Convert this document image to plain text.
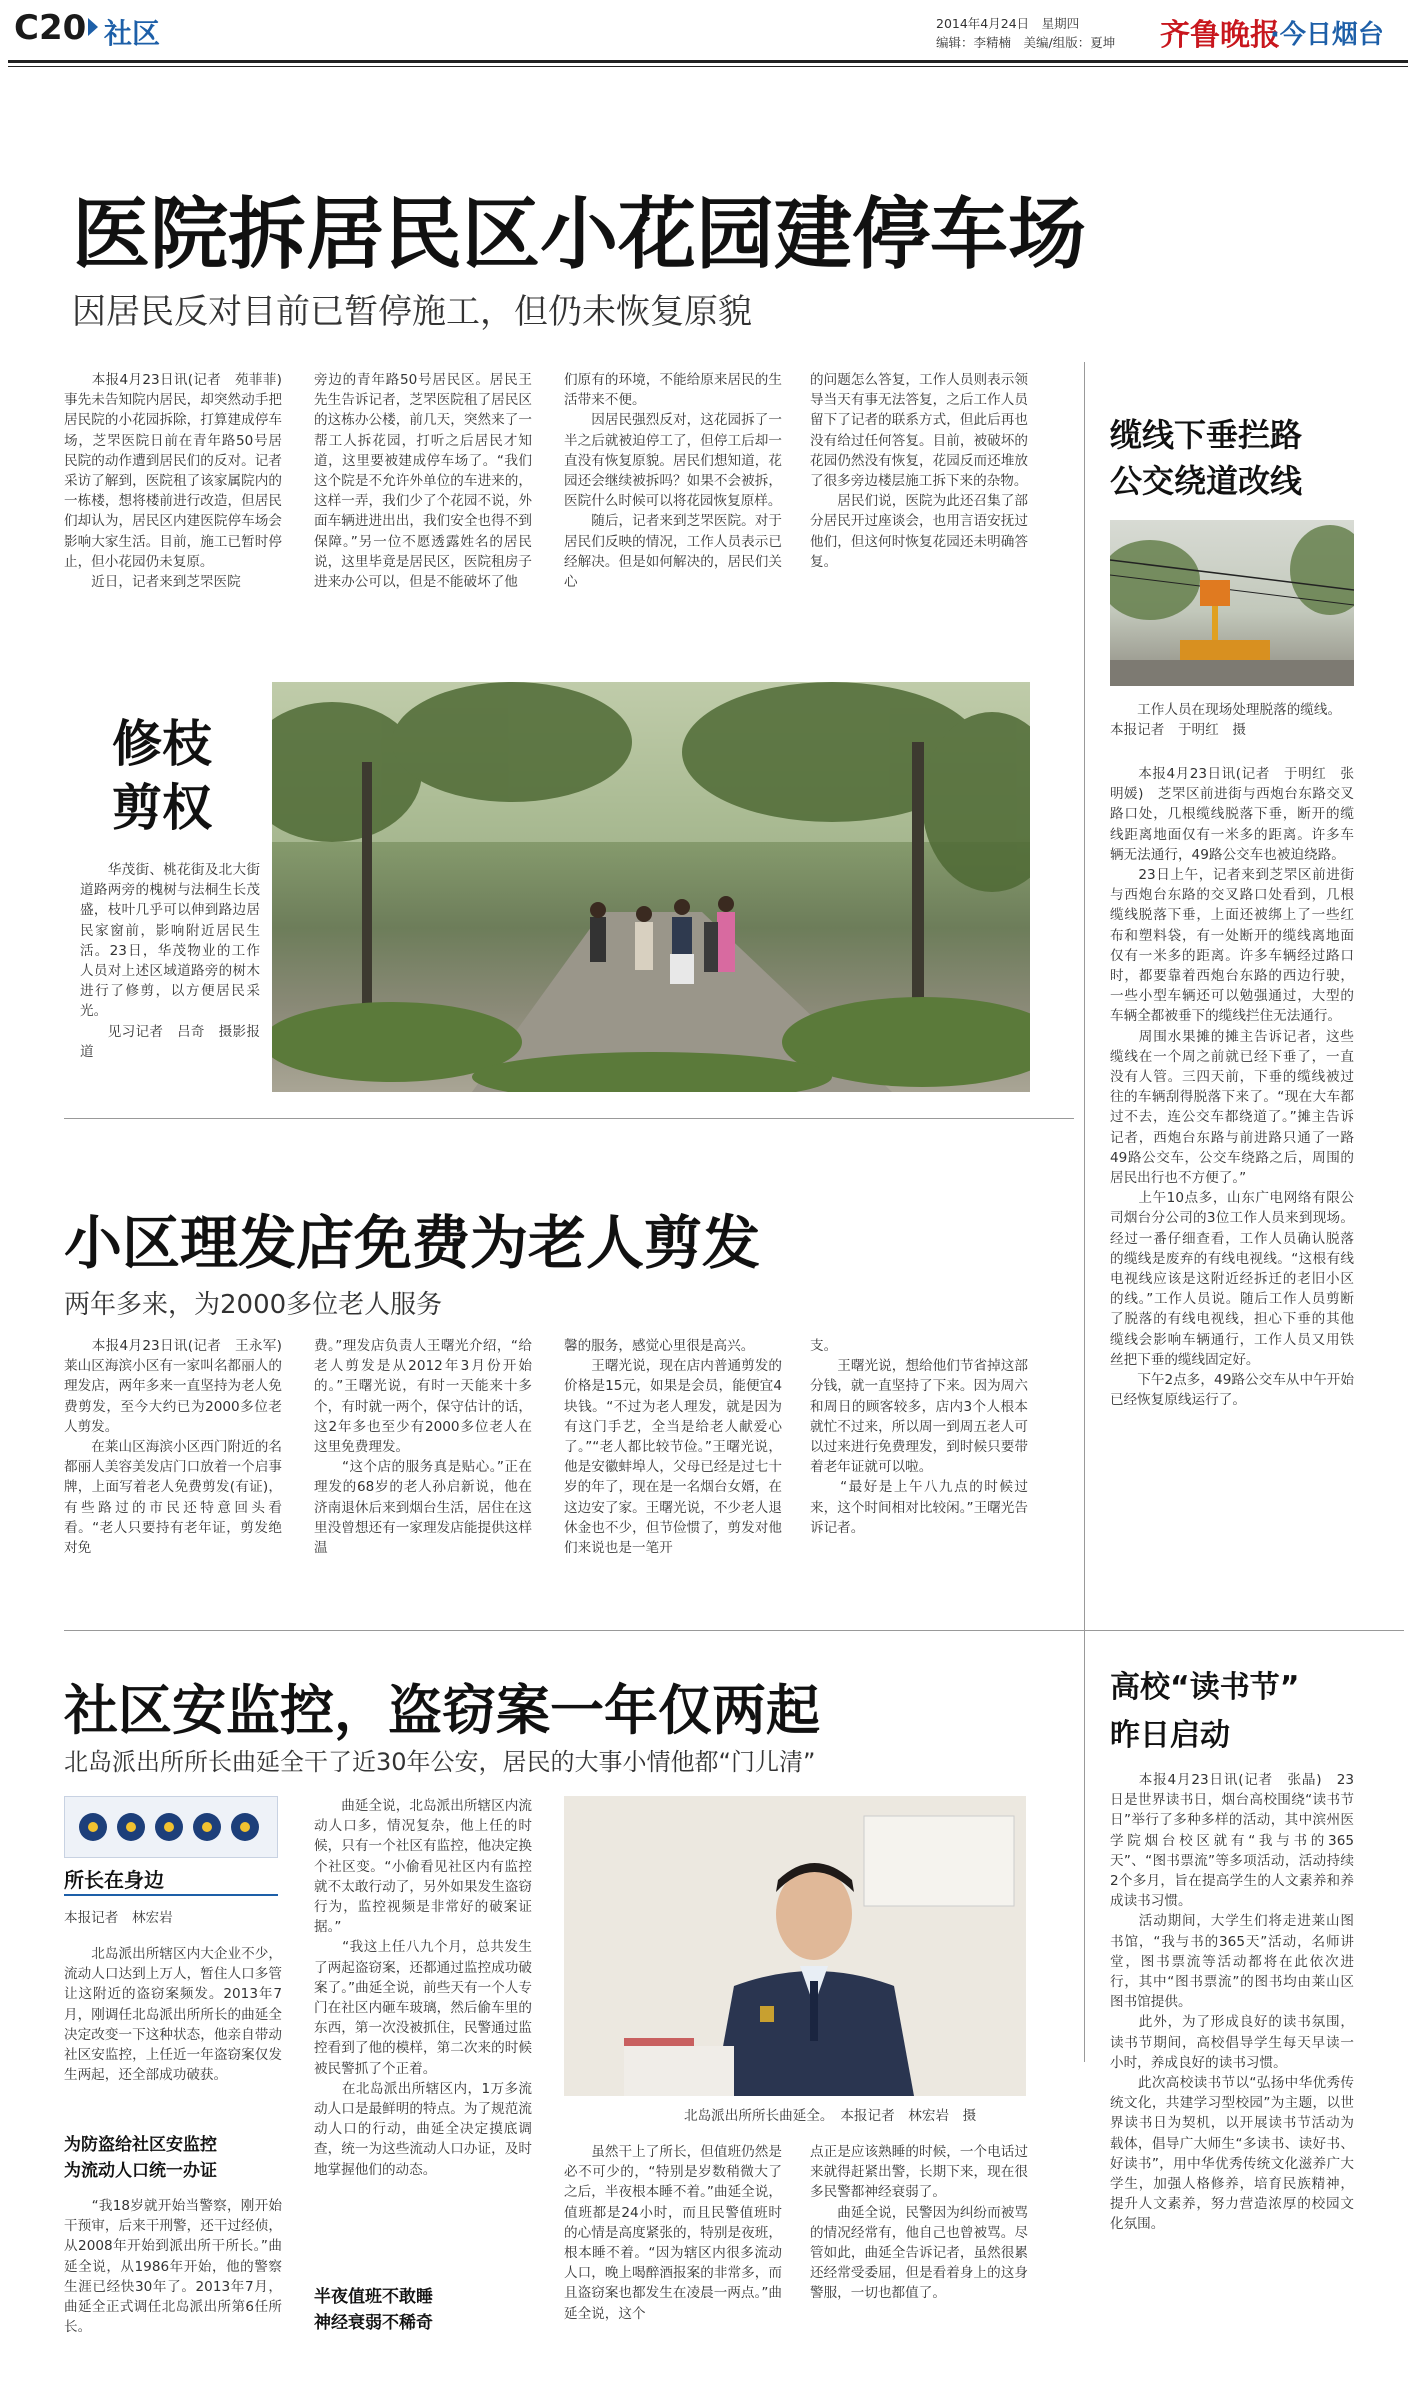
C20 社区	2014年4月24日　星期四
编辑：李精楠　美编/组版：夏坤 齐鲁晚报
·今日烟台
医院拆居民区小花园建停车场
因居民反对目前已暂停施工，但仍未恢复原貌
　　本报4月23日讯(记者　苑菲菲)　事先未告知院内居民，却突然动手把居民院的小花园拆除，打算建成停车场，芝罘医院日前在青年路50号居民院的动作遭到居民们的反对。记者采访了解到，医院租了该家属院内的一栋楼，想将楼前进行改造，但居民们却认为，居民区内建医院停车场会影响大家生活。目前，施工已暂时停止，但小花园仍未复原。
　　近日，记者来到芝罘医院
旁边的青年路50号居民区。居民王先生告诉记者，芝罘医院租了居民区的这栋办公楼，前几天，突然来了一帮工人拆花园，打听之后居民才知道，这里要被建成停车场了。“我们这个院是不允许外单位的车进来的，这样一弄，我们少了个花园不说，外面车辆进进出出，我们安全也得不到保障。”另一位不愿透露姓名的居民说，这里毕竟是居民区，医院租房子进来办公可以，但是不能破坏了他
们原有的环境，不能给原来居民的生活带来不便。
　　因居民强烈反对，这花园拆了一半之后就被迫停工了，但停工后却一直没有恢复原貌。居民们想知道，花园还会继续被拆吗？如果不会被拆，医院什么时候可以将花园恢复原样。
　　随后，记者来到芝罘医院。对于居民们反映的情况，工作人员表示已经解决。但是如何解决的，居民们关心
的问题怎么答复，工作人员则表示领导当天有事无法答复，之后工作人员留下了记者的联系方式，但此后再也没有给过任何答复。目前，被破坏的花园仍然没有恢复，花园反而还堆放了很多旁边楼层施工拆下来的杂物。
　　居民们说，医院为此还召集了部分居民开过座谈会，也用言语安抚过他们，但这何时恢复花园还未明确答复。
修枝
剪权
　　华茂街、桃花街及北大街道路两旁的槐树与法桐生长茂盛，枝叶几乎可以伸到路边居民家窗前，影响附近居民生活。23日，华茂物业的工作人员对上述区域道路旁的树木进行了修剪，以方便居民采光。
　　见习记者　吕奇　摄影报道
缆线下垂拦路
公交绕道改线
　　工作人员在现场处理脱落的缆线。　本报记者　于明红　摄
　　本报4月23日讯(记者　于明红　张明媛)　芝罘区前进街与西炮台东路交叉路口处，几根缆线脱落下垂，断开的缆线距离地面仅有一米多的距离。许多车辆无法通行，49路公交车也被迫绕路。
　　23日上午，记者来到芝罘区前进街与西炮台东路的交叉路口处看到，几根缆线脱落下垂，上面还被绑上了一些红布和塑料袋，有一处断开的缆线离地面仅有一米多的距离。许多车辆经过路口时，都要靠着西炮台东路的西边行驶，一些小型车辆还可以勉强通过，大型的车辆全都被垂下的缆线拦住无法通行。
　　周围水果摊的摊主告诉记者，这些缆线在一个周之前就已经下垂了，一直没有人管。三四天前，下垂的缆线被过往的车辆刮得脱落下来了。“现在大车都过不去，连公交车都绕道了。”摊主告诉记者，西炮台东路与前进路只通了一路49路公交车，公交车绕路之后，周围的居民出行也不方便了。”
　　上午10点多，山东广电网络有限公司烟台分公司的3位工作人员来到现场。经过一番仔细查看，工作人员确认脱落的缆线是废弃的有线电视线。“这根有线电视线应该是这附近经拆迁的老旧小区的线。”工作人员说。随后工作人员剪断了脱落的有线电视线，担心下垂的其他缆线会影响车辆通行，工作人员又用铁丝把下垂的缆线固定好。
　　下午2点多，49路公交车从中午开始已经恢复原线运行了。
小区理发店免费为老人剪发
两年多来，为2000多位老人服务
　　本报4月23日讯(记者　王永军)　莱山区海滨小区有一家叫名都丽人的理发店，两年多来一直坚持为老人免费剪发，至今大约已为2000多位老人剪发。
　　在莱山区海滨小区西门附近的名都丽人美容美发店门口放着一个启事牌，上面写着老人免费剪发(有证)，有些路过的市民还特意回头看看。“老人只要持有老年证，剪发绝对免
费。”理发店负责人王曙光介绍，“给老人剪发是从2012年3月份开始的。”王曙光说，有时一天能来十多个，有时就一两个，保守估计的话，这2年多也至少有2000多位老人在这里免费理发。
　　“这个店的服务真是贴心。”正在理发的68岁的老人孙启新说，他在济南退休后来到烟台生活，居住在这里没曾想还有一家理发店能提供这样温
馨的服务，感觉心里很是高兴。
　　王曙光说，现在店内普通剪发的价格是15元，如果是会员，能便宜4块钱。“不过为老人理发，就是因为有这门手艺，全当是给老人献爱心了。”“老人都比较节俭。”王曙光说，他是安徽蚌埠人，父母已经是过七十岁的年了，现在是一名烟台女婿，在这边安了家。王曙光说，不少老人退休金也不少，但节俭惯了，剪发对他们来说也是一笔开
支。
　　王曙光说，想给他们节省掉这部分钱，就一直坚持了下来。因为周六和周日的顾客较多，店内3个人根本就忙不过来，所以周一到周五老人可以过来进行免费理发，到时候只要带着老年证就可以啦。
　　“最好是上午八九点的时候过来，这个时间相对比较闲。”王曙光告诉记者。
社区安监控，盗窃案一年仅两起
北岛派出所所长曲延全干了近30年公安，居民的大事小情他都“门儿清”
所长在身边
本报记者　林宏岩
　　北岛派出所辖区内大企业不少，流动人口达到上万人，暂住人口多管让这附近的盗窃案频发。2013年7月，刚调任北岛派出所所长的曲延全决定改变一下这种状态，他亲自带动社区安监控，上任近一年盗窃案仅发生两起，还全部成功破获。
为防盗给社区安监控
为流动人口统一办证
　　“我18岁就开始当警察，刚开始干预审，后来干刑警，还干过经侦，从2008年开始到派出所干所长。”曲延全说，从1986年开始，他的警察生涯已经快30年了。2013年7月，曲延全正式调任北岛派出所第6任所长。
　　曲延全说，北岛派出所辖区内流动人口多，情况复杂，他上任的时候，只有一个社区有监控，他决定换个社区变。“小偷看见社区内有监控就不太敢行动了，另外如果发生盗窃行为，监控视频是非常好的破案证据。”
　　“我这上任八九个月，总共发生了两起盗窃案，还都通过监控成功破案了。”曲延全说，前些天有一个人专门在社区内砸车玻璃，然后偷车里的东西，第一次没被抓住，民警通过监控看到了他的模样，第二次来的时候被民警抓了个正着。
　　在北岛派出所辖区内，1万多流动人口是最鲜明的特点。为了规范流动人口的行动，曲延全决定摸底调查，统一为这些流动人口办证，及时地掌握他们的动态。
半夜值班不敢睡
神经衰弱不稀奇
北岛派出所所长曲延全。　本报记者　林宏岩　摄
　　虽然干上了所长，但值班仍然是必不可少的，“特别是岁数稍微大了之后，半夜根本睡不着。”曲延全说，值班都是24小时，而且民警值班时的心情是高度紧张的，特别是夜班，根本睡不着。“因为辖区内很多流动人口，晚上喝醉酒报案的非常多，而且盗窃案也都发生在凌晨一两点。”曲延全说，这个
点正是应该熟睡的时候，一个电话过来就得赶紧出警，长期下来，现在很多民警都神经衰弱了。
　　曲延全说，民警因为纠纷而被骂的情况经常有，他自己也曾被骂。尽管如此，曲延全告诉记者，虽然很累还经常受委屈，但是看着身上的这身警服，一切也都值了。
高校“读书节”
昨日启动
　　本报4月23日讯(记者　张晶)　23日是世界读书日，烟台高校围绕“读书节日”举行了多种多样的活动，其中滨州医学院烟台校区就有“我与书的365天”、“图书票流”等多项活动，活动持续2个多月，旨在提高学生的人文素养和养成读书习惯。
　　活动期间，大学生们将走进莱山图书馆，“我与书的365天”活动，名师讲堂，图书票流等活动都将在此依次进行，其中“图书票流”的图书均由莱山区图书馆提供。
　　此外，为了形成良好的读书氛围，读书节期间，高校倡导学生每天早读一小时，养成良好的读书习惯。
　　此次高校读书节以“弘扬中华优秀传统文化，共建学习型校园”为主题，以世界读书日为契机，以开展读书节活动为载体，倡导广大师生“多读书、读好书、好读书”，用中华优秀传统文化滋养广大学生，加强人格修养，培育民族精神，提升人文素养，努力营造浓厚的校园文化氛围。
